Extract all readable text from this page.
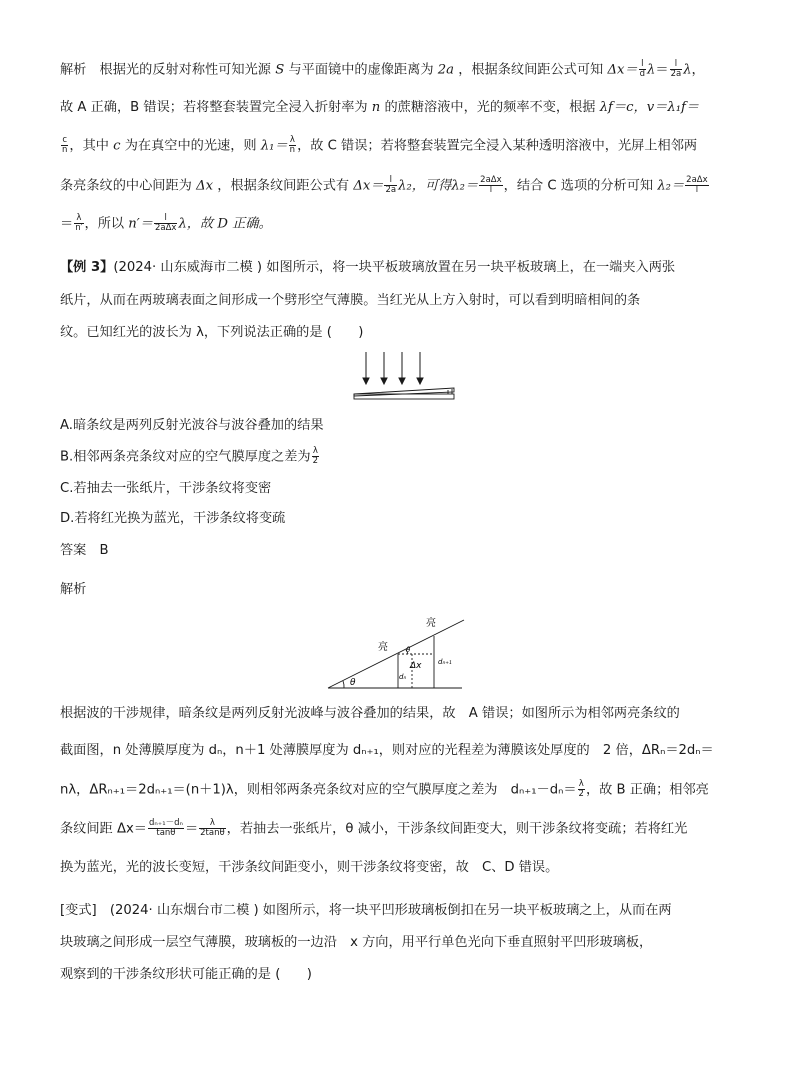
解析　根据光的反射对称性可知光源 S 与平面镜中的虚像距离为 2a ，根据条纹间距公式可知 $\Delta x= \frac{l}{d} \lambda= \frac{l}{2a}$ λ，
故 A 正确，B 错误；若将整套装置完全浸入折射率为 n 的蔗糖溶液中，光的频率不变，根据 λf＝c，v＝λ₁f＝
$\frac{c}{n}$ ，其中 c 为在真空中的光速，则 $\lambda_1= \frac{\lambda}{n}$ ，故 C 错误；若将整套装置完全浸入某种透明溶液中，光屏上相邻两
条亮条纹的中心间距为 Δx ，根据条纹间距公式有 $\Delta x= \frac{l}{2a} \lambda_2$，可得λ₂＝ 2aΔx
l ，结合 C 选项的分析可知 λ₂＝ 2aΔx
l
＝ $\frac{\lambda}{n'}$ ，所以 n′＝	l
2aΔx λ，故 D 正确。
【例 3】(2024· 山东威海市二模 ) 如图所示，将一块平板玻璃放置在另一块平板玻璃上，在一端夹入两张
纸片，从而在两玻璃表面之间形成一个劈形空气薄膜。当红光从上方入射时，可以看到明暗相间的条
纹。已知红光的波长为 λ，下列说法正确的是 (　　)
A.暗条纹是两列反射光波谷与波谷叠加的结果
B.相邻两条亮条纹对应的空气膜厚度之差为 $\frac{\lambda}{2}$
C.若抽去一张纸片，干涉条纹将变密
D.若将红光换为蓝光，干涉条纹将变疏
答案　B
解析
θ
θ
亮
亮
Δx
dₙ
dₙ₊₁
根据波的干涉规律，暗条纹是两列反射光波峰与波谷叠加的结果，故　A 错误；如图所示为相邻两亮条纹的
截面图，n 处薄膜厚度为 dₙ，n＋1 处薄膜厚度为 dₙ₊₁，则对应的光程差为薄膜该处厚度的　2 倍，ΔRₙ＝2dₙ＝
nλ，ΔRₙ₊₁＝2dₙ₊₁＝(n＋1)λ，则相邻两条亮条纹对应的空气膜厚度之差为　$d_{n+1}-d_n= \frac{\lambda}{2}$ ，故 B 正确；相邻亮
条纹间距 $\Delta x= \frac{\text{dₙ₊₁－dₙ}}{\tan\theta} = \frac{\lambda}{2\tan\theta}$ ，若抽去一张纸片，θ 减小，干涉条纹间距变大，则干涉条纹将变疏；若将红光
换为蓝光，光的波长变短，干涉条纹间距变小，则干涉条纹将变密，故　C、D 错误。
[变式]　(2024· 山东烟台市二模 ) 如图所示，将一块平凹形玻璃板倒扣在另一块平板玻璃之上，从而在两
块玻璃之间形成一层空气薄膜，玻璃板的一边沿　x 方向，用平行单色光向下垂直照射平凹形玻璃板，
观察到的干涉条纹形状可能正确的是 (　　)
